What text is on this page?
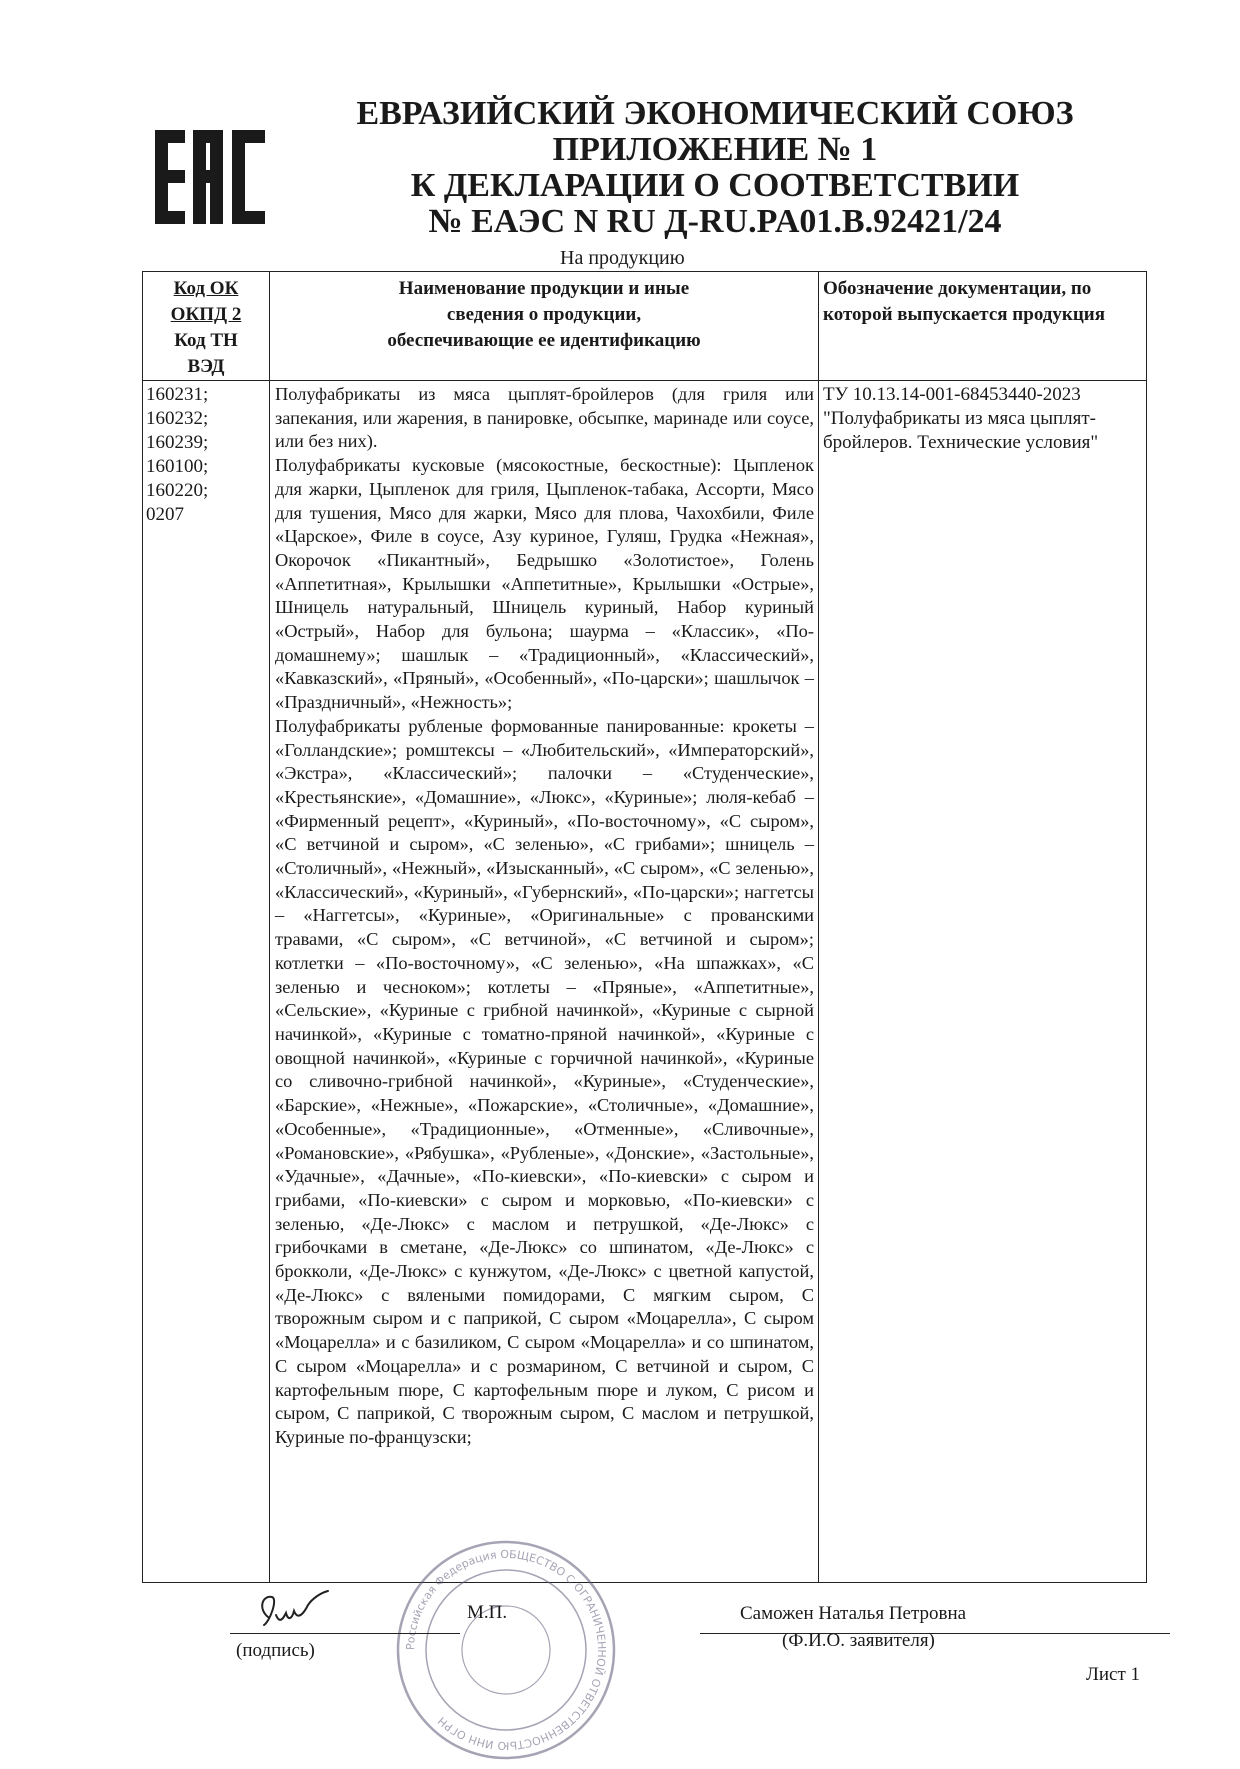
ЕВРАЗИЙСКИЙ ЭКОНОМИЧЕСКИЙ СОЮЗ
ПРИЛОЖЕНИЕ № 1
К ДЕКЛАРАЦИИ О СООТВЕТСТВИИ
№ ЕАЭС N RU Д-RU.PA01.B.92421/24
На продукцию
Код ОК
ОКПД 2
Код ТН
ВЭД
Наименование продукции и иные
сведения о продукции,
обеспечивающие ее идентификацию
Обозначение документации, по
которой выпускается продукция
160231;
160232;
160239;
160100;
160220;
0207

Полуфабрикаты из мяса цыплят-бройлеров (для гриля или запекания, или жарения, в панировке, обсыпке, маринаде или соусе, или без них).

Полуфабрикаты кусковые (мясокостные, бескостные): Цыпленок для жарки, Цыпленок для гриля, Цыпленок-табака, Ассорти, Мясо для тушения, Мясо для жарки, Мясо для плова, Чахохбили, Филе «Царское», Филе в соусе, Азу куриное, Гуляш, Грудка «Нежная», Окорочок «Пикантный», Бедрышко «Золотистое», Голень «Аппетитная», Крылышки «Аппетитные», Крылышки «Острые», Шницель натуральный, Шницель куриный, Набор куриный «Острый», Набор для бульона; шаурма – «Классик», «По-домашнему»; шашлык – «Традиционный», «Классический», «Кавказский», «Пряный», «Особенный», «По-царски»; шашлычок – «Праздничный», «Нежность»;

Полуфабрикаты рубленые формованные панированные: крокеты – «Голландские»; ромштексы – «Любительский», «Императорский», «Экстра», «Классический»; палочки – «Студенческие», «Крестьянские», «Домашние», «Люкс», «Куриные»; люля-кебаб – «Фирменный рецепт», «Куриный», «По-восточному», «С сыром», «С ветчиной и сыром», «С зеленью», «С грибами»; шницель – «Столичный», «Нежный», «Изысканный», «С сыром», «С зеленью», «Классический», «Куриный», «Губернский», «По-царски»; наггетсы – «Наггетсы», «Куриные», «Оригинальные» с прованскими травами, «С сыром», «С ветчиной», «С ветчиной и сыром»; котлетки – «По-восточному», «С зеленью», «На шпажках», «С зеленью и чесноком»; котлеты – «Пряные», «Аппетитные», «Сельские», «Куриные с грибной начинкой», «Куриные с сырной начинкой», «Куриные с томатно-пряной начинкой», «Куриные с овощной начинкой», «Куриные с горчичной начинкой», «Куриные со сливочно-грибной начинкой», «Куриные», «Студенческие», «Барские», «Нежные», «Пожарские», «Столичные», «Домашние», «Особенные», «Традиционные», «Отменные», «Сливочные», «Романовские», «Рябушка», «Рубленые», «Донские», «Застольные», «Удачные», «Дачные», «По-киевски», «По-киевски» с сыром и грибами, «По-киевски» с сыром и морковью, «По-киевски» с зеленью, «Де-Люкс» с маслом и петрушкой, «Де-Люкс» с грибочками в сметане, «Де-Люкс» со шпинатом, «Де-Люкс» с брокколи, «Де-Люкс» с кунжутом, «Де-Люкс» с цветной капустой, «Де-Люкс» с вялеными помидорами, С мягким сыром, С творожным сыром и с паприкой, С сыром «Моцарелла», С сыром «Моцарелла» и с базиликом, С сыром «Моцарелла» и со шпинатом, С сыром «Моцарелла» и с розмарином, С ветчиной и сыром, С картофельным пюре, С картофельным пюре и луком, С рисом и сыром, С паприкой, С творожным сыром, С маслом и петрушкой, Куриные по-французски;

ТУ 10.13.14-001-68453440-2023
"Полуфабрикаты из мяса цыплят-
бройлеров. Технические условия"
Российская Федерация ОБЩЕСТВО С ОГРАНИЧЕННОЙ ОТВЕТСТВЕННОСТЬЮ ИНН ОГРН
М.П.
(подпись)
Саможен Наталья Петровна
(Ф.И.О. заявителя)
Лист 1
